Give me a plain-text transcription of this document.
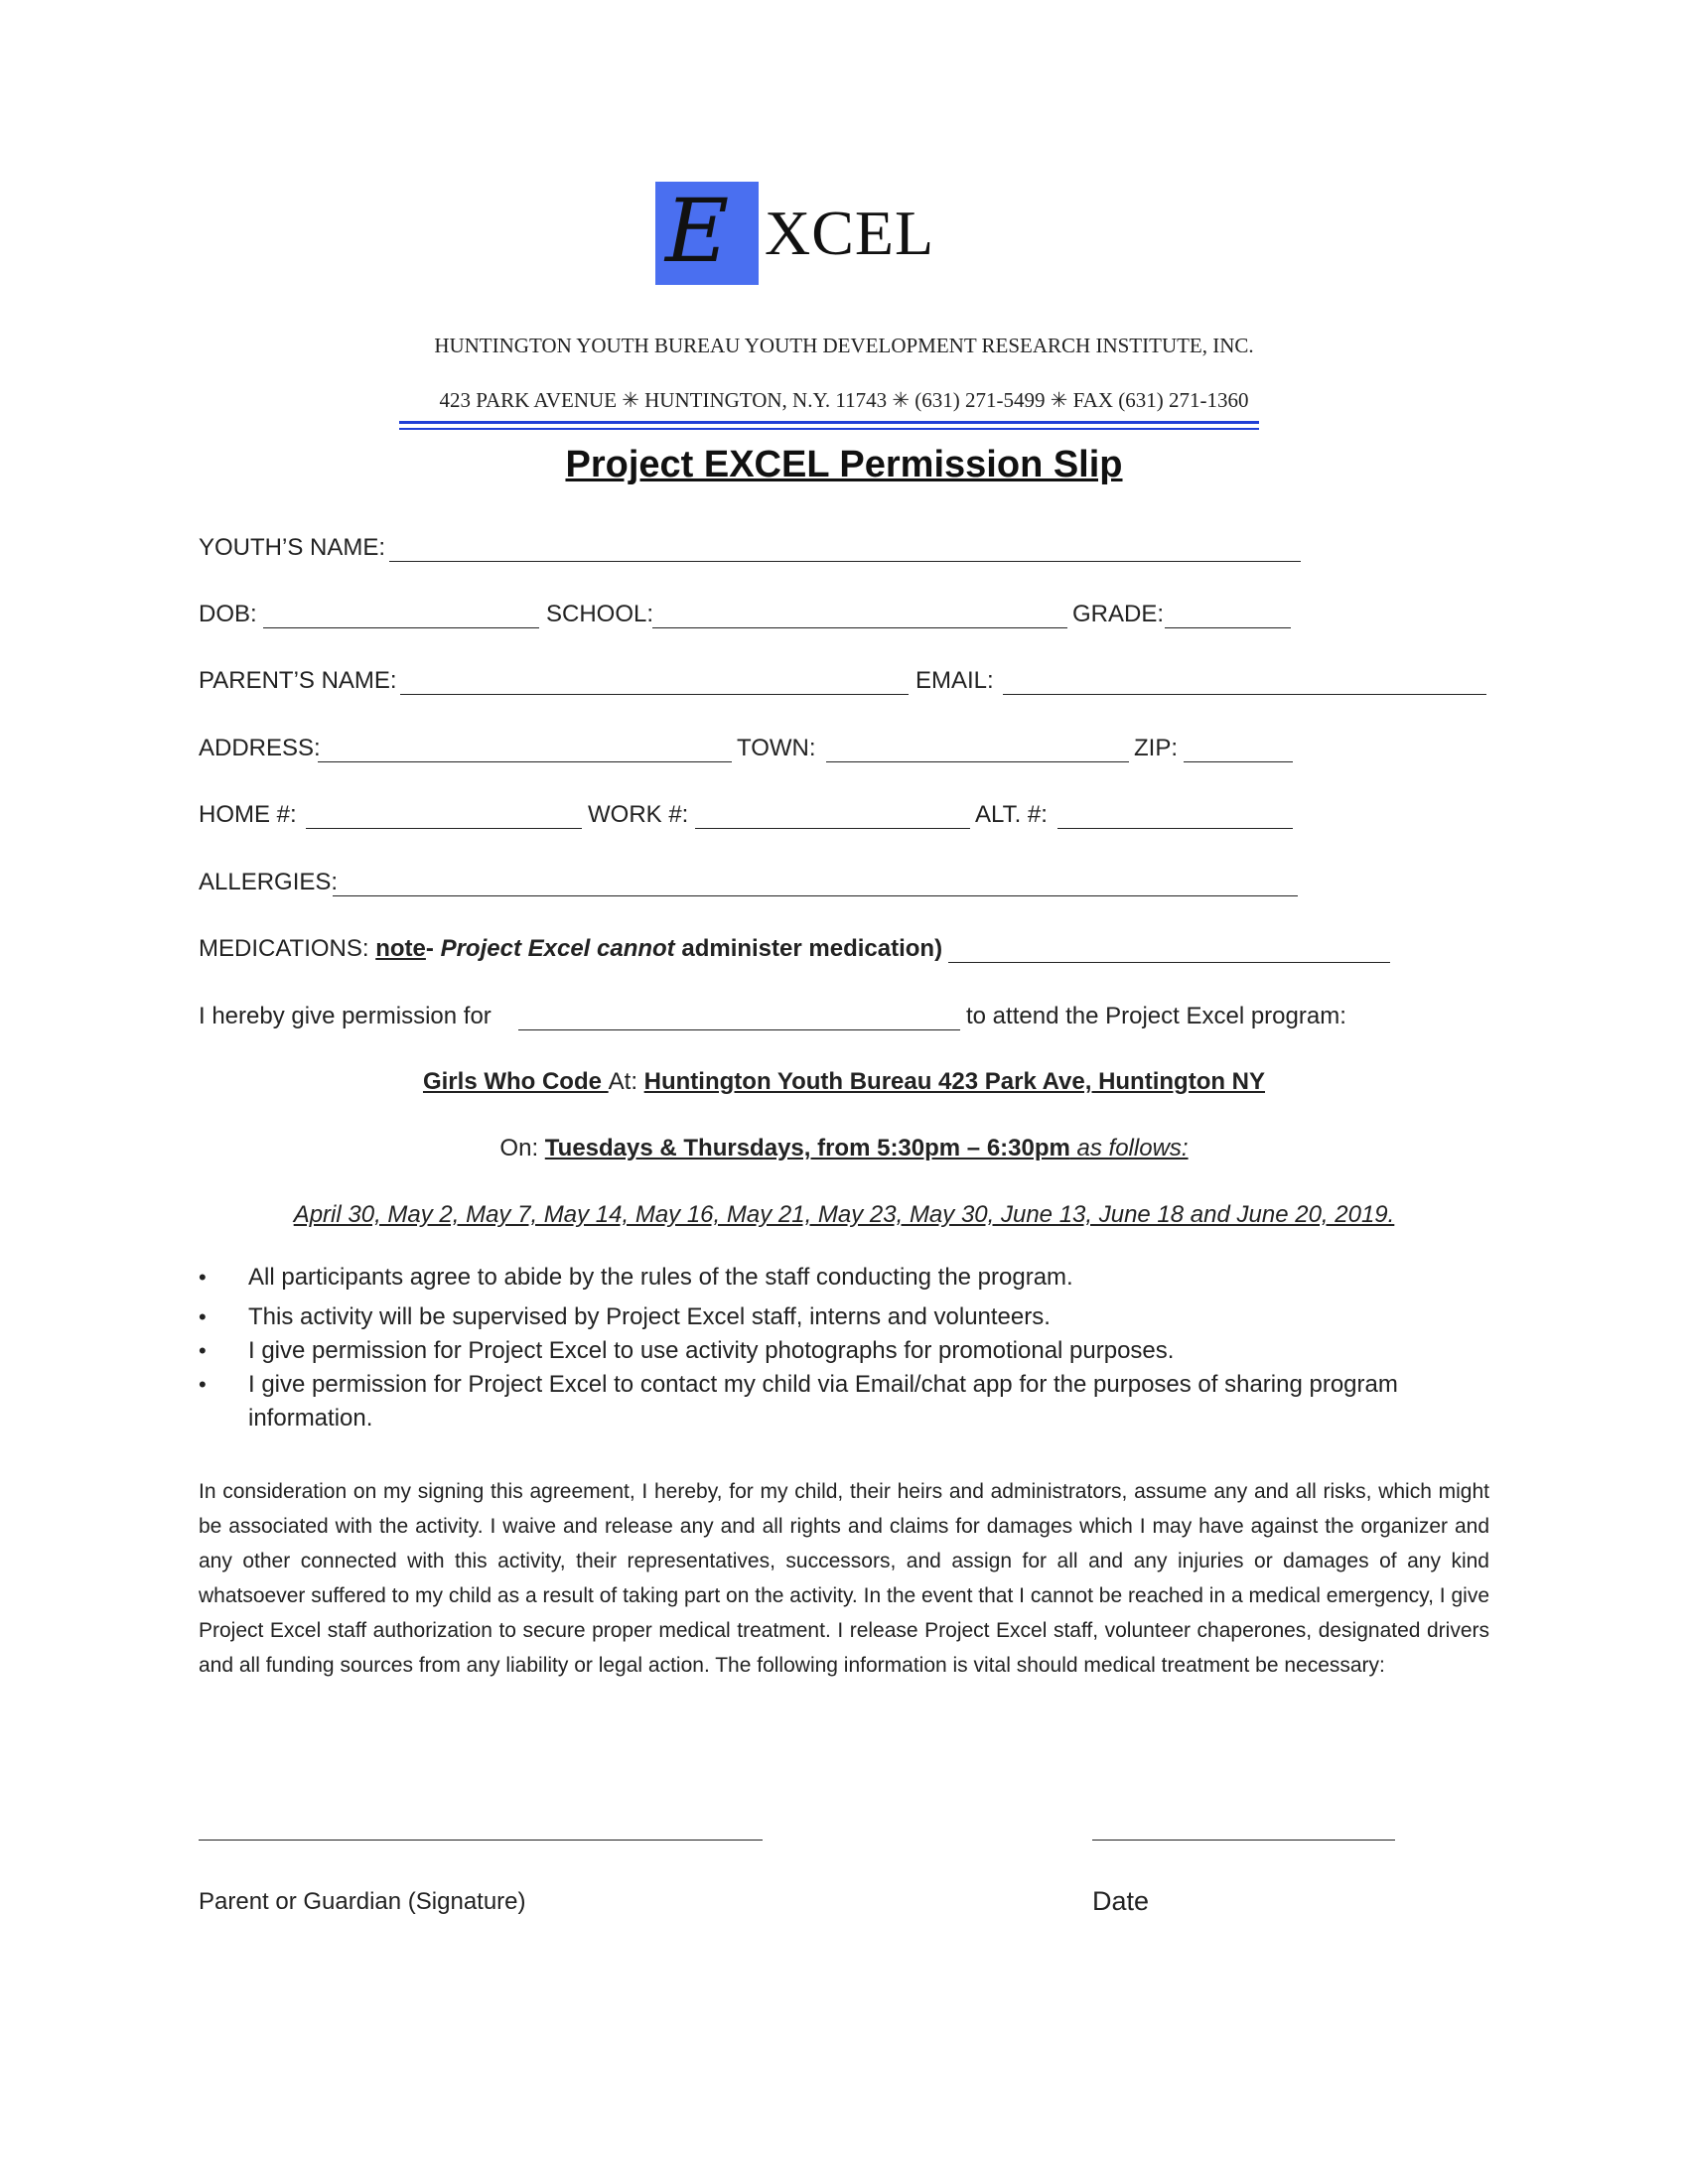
E XCEL
HUNTINGTON YOUTH BUREAU YOUTH DEVELOPMENT RESEARCH INSTITUTE, INC.
423 PARK AVENUE ✳ HUNTINGTON, N.Y. 11743 ✳ (631) 271-5499 ✳ FAX (631) 271-1360
Project EXCEL Permission Slip
YOUTH’S NAME:
DOB:	SCHOOL:	GRADE:
PARENT’S NAME:	EMAIL:
ADDRESS:	TOWN:	ZIP:
HOME #:	WORK #:	ALT. #:
ALLERGIES:
MEDICATIONS: note- Project Excel cannot administer medication)
I hereby give permission for	to attend the Project Excel program:
Girls Who Code At: Huntington Youth Bureau 423 Park Ave, Huntington NY
On: Tuesdays & Thursdays, from 5:30pm – 6:30pm as follows:
April 30, May 2, May 7, May 14, May 16, May 21, May 23, May 30, June 13, June 18 and June 20, 2019.
• All participants agree to abide by the rules of the staff conducting the program.
• This activity will be supervised by Project Excel staff, interns and volunteers.
• I give permission for Project Excel to use activity photographs for promotional purposes.
• I give permission for Project Excel to contact my child via Email/chat app for the purposes of sharing program information.
In consideration on my signing this agreement, I hereby, for my child, their heirs and administrators, assume any and all risks, which might be associated with the activity. I waive and release any and all rights and claims for damages which I may have against the organizer and any other connected with this activity, their representatives, successors, and assign for all and any injuries or damages of any kind whatsoever suffered to my child as a result of taking part on the activity. In the event that I cannot be reached in a medical emergency, I give Project Excel staff authorization to secure proper medical treatment. I release Project Excel staff, volunteer chaperones, designated drivers and all funding sources from any liability or legal action. The following information is vital should medical treatment be necessary:
Parent or Guardian (Signature)	Date
